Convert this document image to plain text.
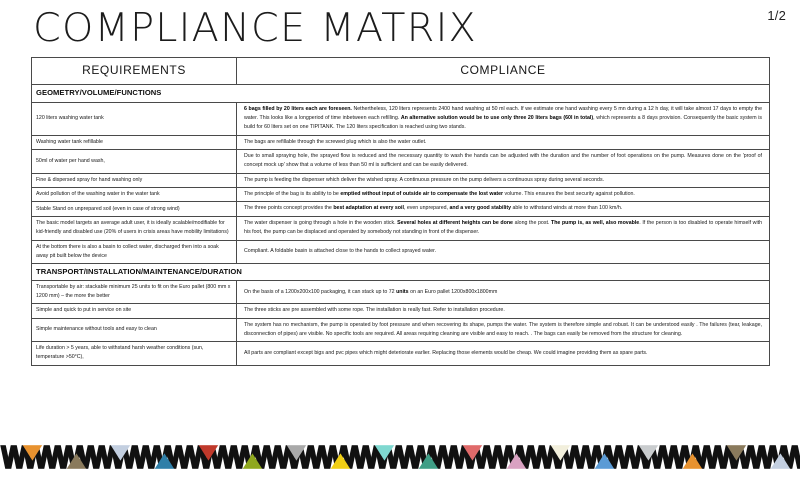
1/2
COMPLIANCE MATRIX
REQUIREMENTS	COMPLIANCE
GEOMETRY/VOLUME/FUNCTIONS	
120 liters washing water tank	6 bags filled by 20 liters each are foreseen. Nethertheless, 120 liters represents 2400 hand washing at 50 ml each. If we estimate one hand washing every 5 mn during a 12 h day, it will take almost 17 days to empty the water. This looks like a longperiod of time inbetween each refilling. An alternative solution would be to use only three 20 liters bags (60l in total), which represents a 8 days provision. Consequently the basic system is build for 60 liters set on one TIPITANK. The 120 liters specification is reached using two stands.
Washing water tank refillable	The bags are refillable through the screwed plug which is also the water outlet.
50ml of water per hand wash,	Due to small spraying hole, the sprayed flow is reduced and the necessary quantity to wash the hands can be adjusted with the duration and the number of foot operations on the pump. Measures done on the 'proof of concept mock up' show that a volume of less than 50 ml is sufficient and can be easily delivered.
Fine & dispersed spray for hand washing only	The pump is feeding the dispenser which deliver the wished spray. A continuous pressure on the pump delivers a continuous spray during several seconds.
Avoid pollution of the washing water in the water tank	The principle of the bag is its ability to be emptied without input of outside air to compensate the lost water volume. This ensures the best security against pollution.
Stable Stand on unprepared soil (even in case of strong wind)	The three points concept provides the best adaptation at every soil, even unprepared, and a very good stability able to withstand winds at more than 100 km/h.
The basic model targets an average adult user, it is ideally scalable/modifiable for kid-friendly and disabled use (20% of users in crisis areas have mobility limitations)	The water dispenser is going through a hole in the wooden stick. Several holes at different heights can be done along the post. The pump is, as well, also movable. If the person is too disabled to operate himself with his foot, the pump can be displaced and operated by somebody not standing in front of the dispenser.
At the bottom there is also a basin to collect water, discharged then into a soak away pit built below the device	Compliant. A foldable basin is attached close to the hands to collect sprayed water.
TRANSPORT/INSTALLATION/MAINTENANCE/DURATION	
Transportable by air: stackable minimum 25 units to fit on the Euro pallet (800 mm x 1200 mm) – the more the better	On the basis of a 1200x200x100 packaging, it can stack up to 72 units on an Euro pallet 1200x800x1800mm
Simple and quick to put in service on site	The three sticks are pre assembled with some rope. The installation is really fast. Refer to installation procedure.
Simple maintenance without tools and easy to clean	The system has no mechanism, the pump is operated by foot pressure and when recovering its shape, pumps the water. The system is therefore simple and robust. It can be understood easily . The failures (tear, leakage, disconnection of pipes) are visible. No specific tools are required. All areas requiring cleaning are visible and easy to reach. . The bags can easily be removed from the structure for cleaning.
Life duration > 5 years, able to withstand harsh weather conditions (sun, temperature >50°C),	All parts are compliant except bigs and pvc pipes which might deteriorate earlier. Replacing those elements would be cheap. We could imagine providing them as spare parts.
